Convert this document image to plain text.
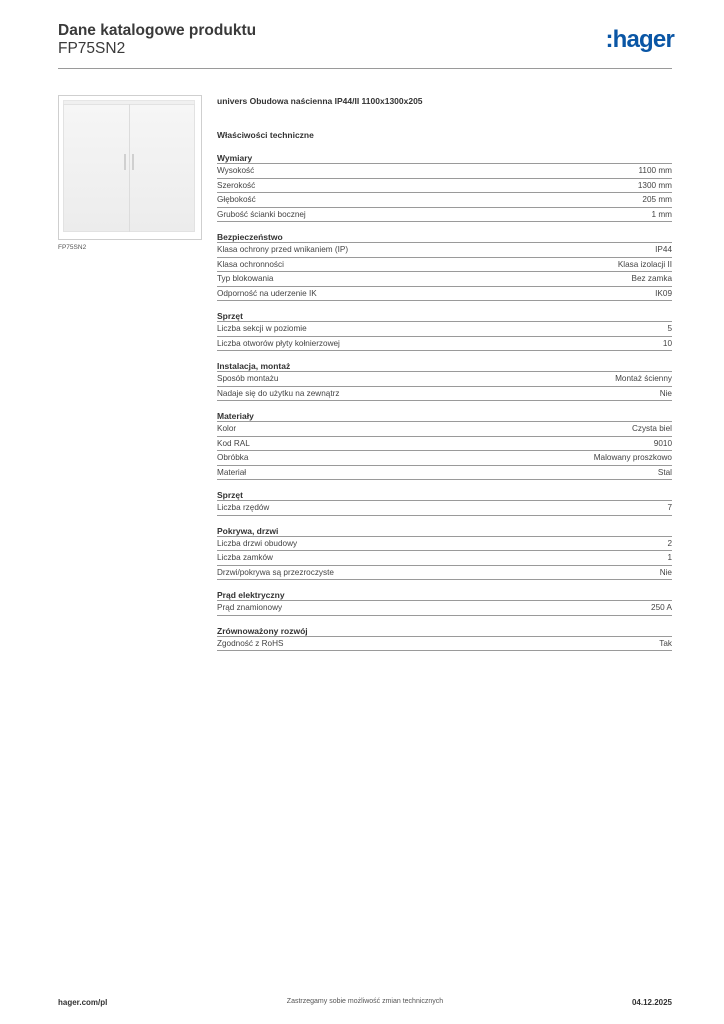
Dane katalogowe produktu
FP75SN2	:hager
FP75SN2
univers Obudowa naścienna IP44/II 1100x1300x205
Właściwości techniczne
Wymiary
Wysokość	1100 mm
Szerokość	1300 mm
Głębokość	205 mm
Grubość ścianki bocznej	1 mm
Bezpieczeństwo
Klasa ochrony przed wnikaniem (IP)	IP44
Klasa ochronności	Klasa izolacji II
Typ blokowania	Bez zamka
Odporność na uderzenie IK	IK09
Sprzęt
Liczba sekcji w poziomie	5
Liczba otworów płyty kołnierzowej	10
Instalacja, montaż
Sposób montażu	Montaż ścienny
Nadaje się do użytku na zewnątrz	Nie
Materiały
Kolor	Czysta biel
Kod RAL	9010
Obróbka	Malowany proszkowo
Materiał	Stal
Sprzęt
Liczba rzędów	7
Pokrywa, drzwi
Liczba drzwi obudowy	2
Liczba zamków	1
Drzwi/pokrywa są przezroczyste	Nie
Prąd elektryczny
Prąd znamionowy	250 A
Zrównoważony rozwój
Zgodność z RoHS	Tak
hager.com/pl	Zastrzegamy sobie możliwość zmian technicznych	04.12.2025
